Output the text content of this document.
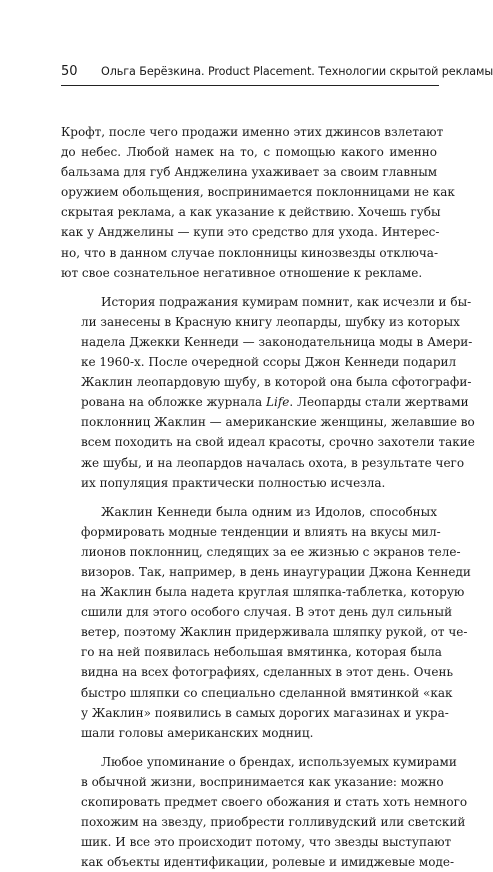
50 Ольга Берёзкина. Product Placement. Технологии скрытой рекламы

Крофт, после чего продажи именно этих джинсов взлетают
до небес. Любой намек на то, с помощью какого именно
бальзама для губ Анджелина ухаживает за своим главным
оружием обольщения, воспринимается поклонницами не как
скрытая реклама, а как указание к действию. Хочешь губы
как у Анджелины — купи это средство для ухода. Интерес-
но, что в данном случае поклонницы кинозвезды отключа-
ют свое сознательное негативное отношение к рекламе.

История подражания кумирам помнит, как исчезли и бы-
ли занесены в Красную книгу леопарды, шубку из которых
надела Джекки Кеннеди — законодательница моды в Амери-
ке 1960-х. После очередной ссоры Джон Кеннеди подарил
Жаклин леопардовую шубу, в которой она была сфотографи-
рована на обложке журнала Life. Леопарды стали жертвами
поклонниц Жаклин — американские женщины, желавшие во
всем походить на свой идеал красоты, срочно захотели такие
же шубы, и на леопардов началась охота, в результате чего
их популяция практически полностью исчезла.

Жаклин Кеннеди была одним из Идолов, способных
формировать модные тенденции и влиять на вкусы мил-
лионов поклонниц, следящих за ее жизнью с экранов теле-
визоров. Так, например, в день инаугурации Джона Кеннеди
на Жаклин была надета круглая шляпка-таблетка, которую
сшили для этого особого случая. В этот день дул сильный
ветер, поэтому Жаклин придерживала шляпку рукой, от че-
го на ней появилась небольшая вмятинка, которая была
видна на всех фотографиях, сделанных в этот день. Очень
быстро шляпки со специально сделанной вмятинкой «как
у Жаклин» появились в самых дорогих магазинах и укра-
шали головы американских модниц.

Любое упоминание о брендах, используемых кумирами
в обычной жизни, воспринимается как указание: можно
скопировать предмет своего обожания и стать хоть немного
похожим на звезду, приобрести голливудский или светский
шик. И все это происходит потому, что звезды выступают
как объекты идентификации, ролевые и имиджевые моде-
